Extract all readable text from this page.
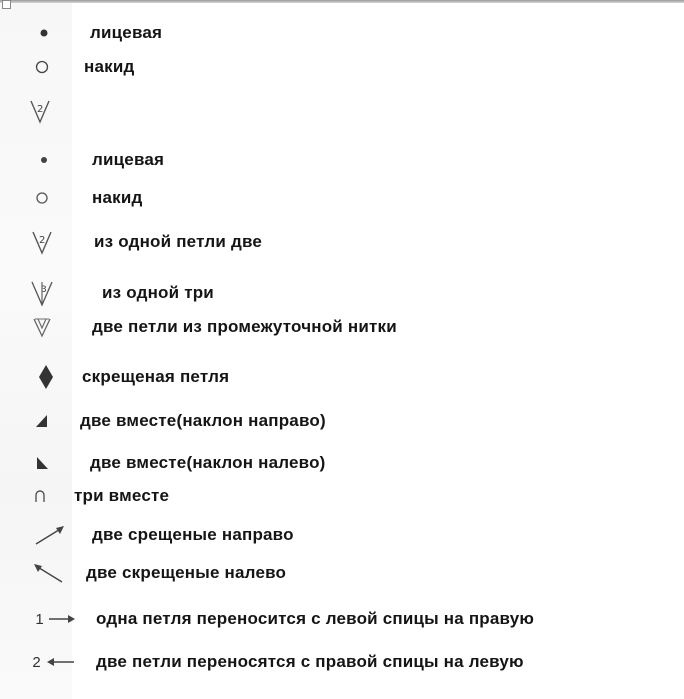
лицевая
накид
2
лицевая
накид
2	из одной петли две
3	из одной три
две петли из промежуточной нитки
скрещеная петля
две вместе(наклон направо)
две вместе(наклон налево)
три вместе
две срещеные направо
две скрещеные налево
1	одна петля переносится с левой спицы на правую
2	две петли переносятся с правой спицы на левую
